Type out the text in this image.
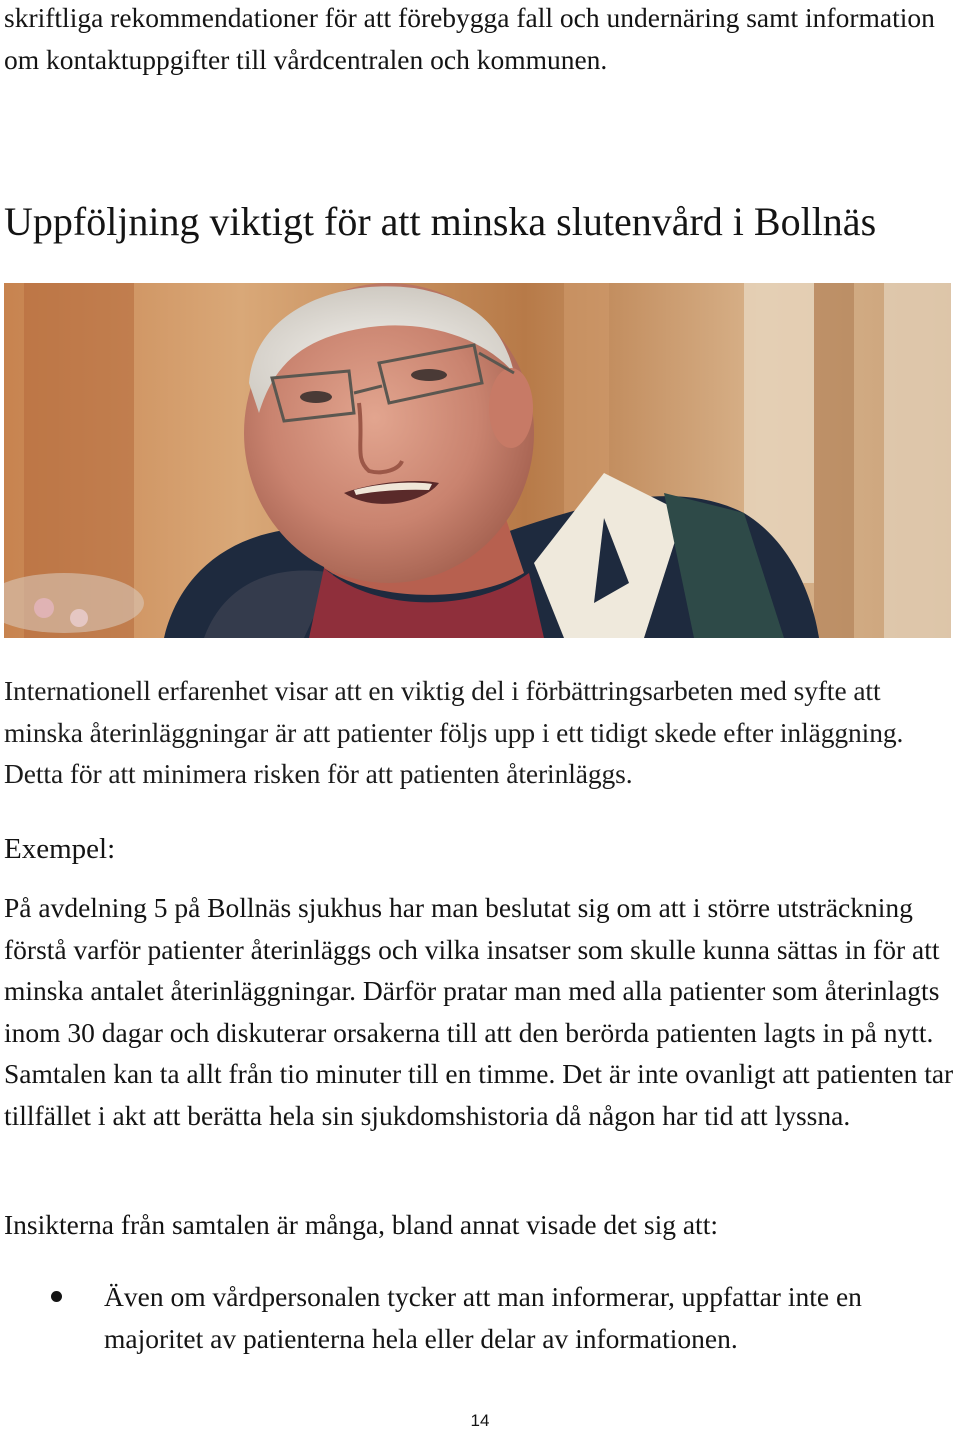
skriftliga rekommendationer för att förebygga fall och undernäring samt information om kontaktuppgifter till vårdcentralen och kommunen.

Uppföljning viktigt för att minska slutenvård i Bollnäs

Internationell erfarenhet visar att en viktig del i förbättringsarbeten med syfte att minska återinläggningar är att patienter följs upp i ett tidigt skede efter inläggning. Detta för att minimera risken för att patienten återinläggs.

Exempel:

På avdelning 5 på Bollnäs sjukhus har man beslutat sig om att i större utsträckning förstå varför patienter återinläggs och vilka insatser som skulle kunna sättas in för att minska antalet återinläggningar. Därför pratar man med alla patienter som återinlagts inom 30 dagar och diskuterar orsakerna till att den berörda patienten lagts in på nytt. Samtalen kan ta allt från tio minuter till en timme. Det är inte ovanligt att patienten tar tillfället i akt att berätta hela sin sjukdomshistoria då någon har tid att lyssna.

Insikterna från samtalen är många, bland annat visade det sig att:

Även om vårdpersonalen tycker att man informerar, uppfattar inte en majoritet av patienterna hela eller delar av informationen.
14
